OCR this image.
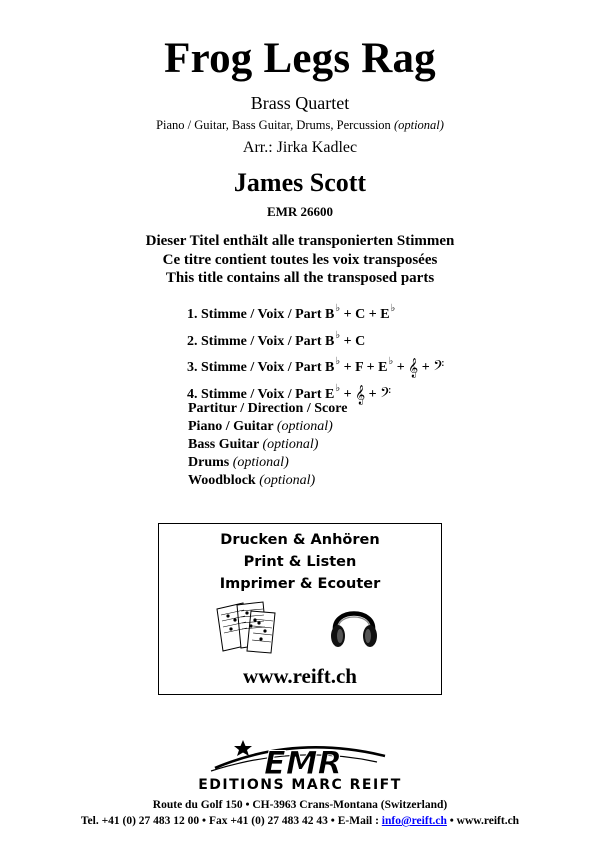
Frog Legs Rag
Brass Quartet
Piano / Guitar, Bass Guitar, Drums, Percussion (optional)
Arr.: Jirka Kadlec
James Scott
EMR 26600
Dieser Titel enthält alle transponierten Stimmen
Ce titre contient toutes les voix transposées
This title contains all the transposed parts
1. Stimme / Voix / Part B♭ + C + E♭
2. Stimme / Voix / Part B♭ + C
3. Stimme / Voix / Part B♭ + F + E♭ + 𝄞 + 𝄢
4. Stimme / Voix / Part E♭ + 𝄞 + 𝄢
Partitur / Direction / Score
Piano / Guitar (optional)
Bass Guitar (optional)
Drums (optional)
Woodblock (optional)
Drucken & Anhören
Print & Listen
Imprimer & Ecouter
www.reift.ch
EMR
EDITIONS MARC REIFT
Route du Golf 150 • CH-3963 Crans-Montana (Switzerland)
Tel. +41 (0) 27 483 12 00 • Fax +41 (0) 27 483 42 43 • E-Mail : info@reift.ch • www.reift.ch
